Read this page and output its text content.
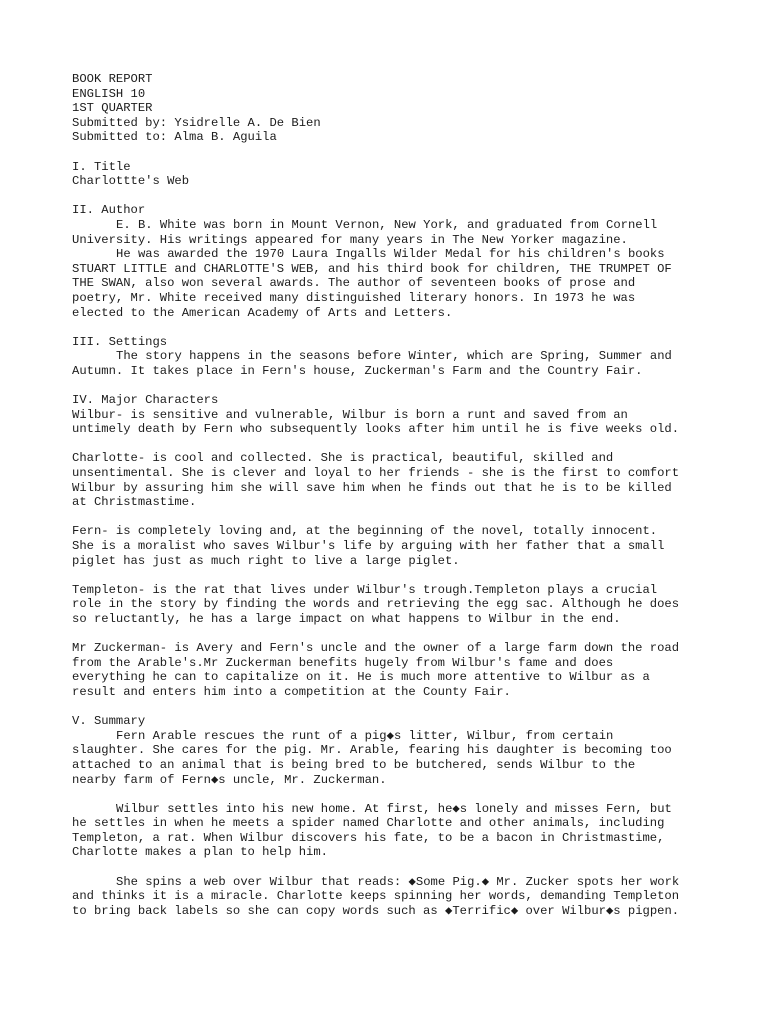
BOOK REPORT
ENGLISH 10
1ST QUARTER
Submitted by: Ysidrelle A. De Bien
Submitted to: Alma B. Aguila
I. Title
Charlottte's Web
II. Author

E. B. White was born in Mount Vernon, New York, and graduated from Cornell
University. His writings appeared for many years in The New Yorker magazine.

He was awarded the 1970 Laura Ingalls Wilder Medal for his children's books
STUART LITTLE and CHARLOTTE'S WEB, and his third book for children, THE TRUMPET OF
THE SWAN, also won several awards. The author of seventeen books of prose and
poetry, Mr. White received many distinguished literary honors. In 1973 he was
elected to the American Academy of Arts and Letters.

III. Settings

The story happens in the seasons before Winter, which are Spring, Summer and
Autumn. It takes place in Fern's house, Zuckerman's Farm and the Country Fair.

IV. Major Characters

Wilbur- is sensitive and vulnerable, Wilbur is born a runt and saved from an
untimely death by Fern who subsequently looks after him until he is five weeks old.

Charlotte- is cool and collected. She is practical, beautiful, skilled and
unsentimental. She is clever and loyal to her friends - she is the first to comfort
Wilbur by assuring him she will save him when he finds out that he is to be killed
at Christmastime.

Fern- is completely loving and, at the beginning of the novel, totally innocent.
She is a moralist who saves Wilbur's life by arguing with her father that a small
piglet has just as much right to live a large piglet.

Templeton- is the rat that lives under Wilbur's trough.Templeton plays a crucial
role in the story by finding the words and retrieving the egg sac. Although he does
so reluctantly, he has a large impact on what happens to Wilbur in the end.

Mr Zuckerman- is Avery and Fern's uncle and the owner of a large farm down the road
from the Arable's.Mr Zuckerman benefits hugely from Wilbur's fame and does
everything he can to capitalize on it. He is much more attentive to Wilbur as a
result and enters him into a competition at the County Fair.

V. Summary

Fern Arable rescues the runt of a pig◆s litter, Wilbur, from certain
slaughter. She cares for the pig. Mr. Arable, fearing his daughter is becoming too
attached to an animal that is being bred to be butchered, sends Wilbur to the
nearby farm of Fern◆s uncle, Mr. Zuckerman.

Wilbur settles into his new home. At first, he◆s lonely and misses Fern, but
he settles in when he meets a spider named Charlotte and other animals, including
Templeton, a rat. When Wilbur discovers his fate, to be a bacon in Christmastime,
Charlotte makes a plan to help him.

She spins a web over Wilbur that reads: ◆Some Pig.◆ Mr. Zucker spots her work
and thinks it is a miracle. Charlotte keeps spinning her words, demanding Templeton
to bring back labels so she can copy words such as ◆Terrific◆ over Wilbur◆s pigpen.
